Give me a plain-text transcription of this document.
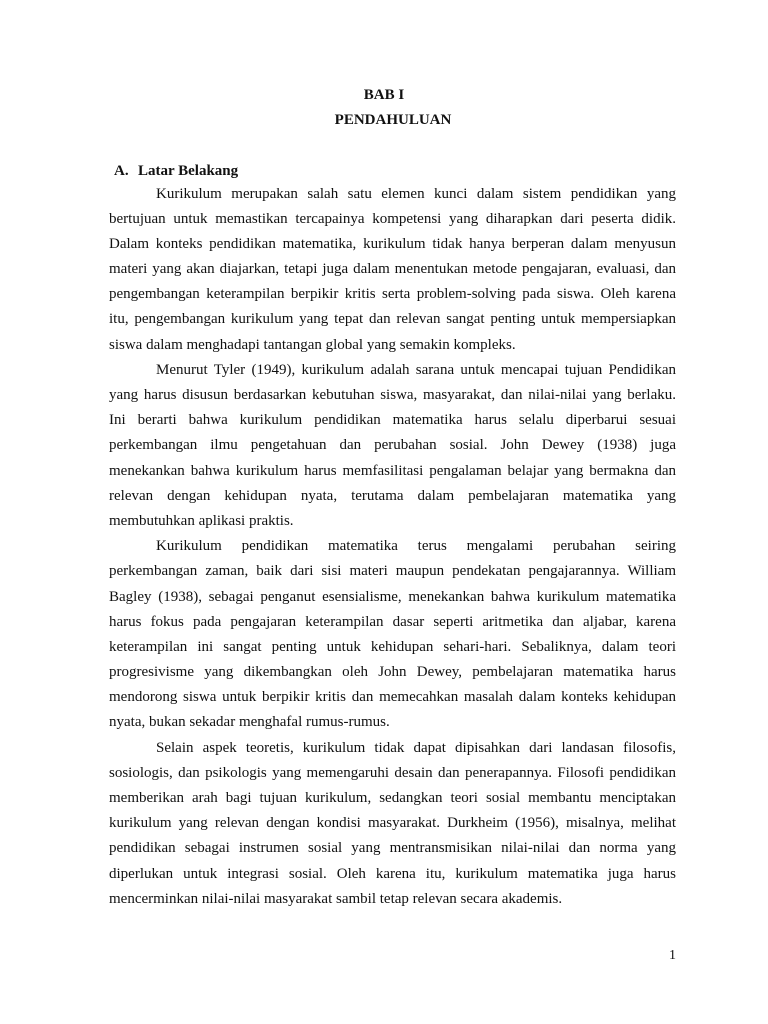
BAB I
PENDAHULUAN
A. Latar Belakang
Kurikulum merupakan salah satu elemen kunci dalam sistem pendidikan yang
bertujuan untuk memastikan tercapainya kompetensi yang diharapkan dari peserta didik.
Dalam konteks pendidikan matematika, kurikulum tidak hanya berperan dalam menyusun
materi yang akan diajarkan, tetapi juga dalam menentukan metode pengajaran, evaluasi, dan
pengembangan keterampilan berpikir kritis serta problem-solving pada siswa. Oleh karena
itu, pengembangan kurikulum yang tepat dan relevan sangat penting untuk mempersiapkan
siswa dalam menghadapi tantangan global yang semakin kompleks.
Menurut Tyler (1949), kurikulum adalah sarana untuk mencapai tujuan Pendidikan
yang harus disusun berdasarkan kebutuhan siswa, masyarakat, dan nilai-nilai yang berlaku.
Ini berarti bahwa kurikulum pendidikan matematika harus selalu diperbarui sesuai
perkembangan ilmu pengetahuan dan perubahan sosial. John Dewey (1938) juga
menekankan bahwa kurikulum harus memfasilitasi pengalaman belajar yang bermakna dan
relevan dengan kehidupan nyata, terutama dalam pembelajaran matematika yang
membutuhkan aplikasi praktis.
Kurikulum pendidikan matematika terus mengalami perubahan seiring
perkembangan zaman, baik dari sisi materi maupun pendekatan pengajarannya. William
Bagley (1938), sebagai penganut esensialisme, menekankan bahwa kurikulum matematika
harus fokus pada pengajaran keterampilan dasar seperti aritmetika dan aljabar, karena
keterampilan ini sangat penting untuk kehidupan sehari-hari. Sebaliknya, dalam teori
progresivisme yang dikembangkan oleh John Dewey, pembelajaran matematika harus
mendorong siswa untuk berpikir kritis dan memecahkan masalah dalam konteks kehidupan
nyata, bukan sekadar menghafal rumus-rumus.
Selain aspek teoretis, kurikulum tidak dapat dipisahkan dari landasan filosofis,
sosiologis, dan psikologis yang memengaruhi desain dan penerapannya. Filosofi pendidikan
memberikan arah bagi tujuan kurikulum, sedangkan teori sosial membantu menciptakan
kurikulum yang relevan dengan kondisi masyarakat. Durkheim (1956), misalnya, melihat
pendidikan sebagai instrumen sosial yang mentransmisikan nilai-nilai dan norma yang
diperlukan untuk integrasi sosial. Oleh karena itu, kurikulum matematika juga harus
mencerminkan nilai-nilai masyarakat sambil tetap relevan secara akademis.
1
